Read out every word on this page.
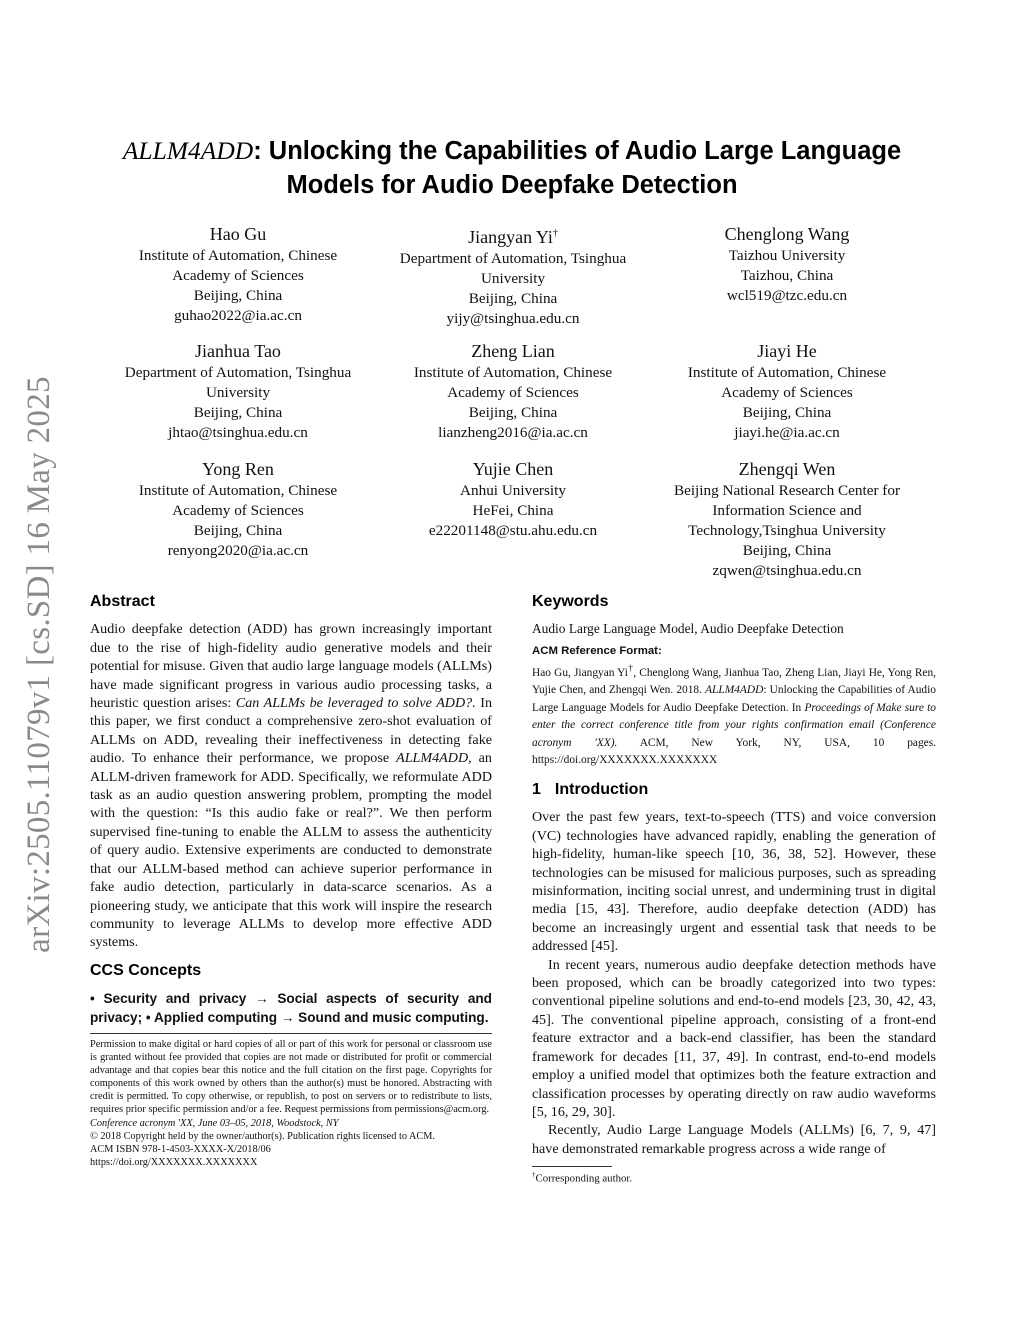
arXiv:2505.11079v1 [cs.SD] 16 May 2025
ALLM4ADD: Unlocking the Capabilities of Audio Large Language
Models for Audio Deepfake Detection
Hao Gu
Institute of Automation, Chinese
Academy of Sciences
Beijing, China
guhao2022@ia.ac.cn
Jiangyan Yi†
Department of Automation, Tsinghua
University
Beijing, China
yijy@tsinghua.edu.cn
Chenglong Wang
Taizhou University
Taizhou, China
wcl519@tzc.edu.cn
Jianhua Tao
Department of Automation, Tsinghua
University
Beijing, China
jhtao@tsinghua.edu.cn
Zheng Lian
Institute of Automation, Chinese
Academy of Sciences
Beijing, China
lianzheng2016@ia.ac.cn
Jiayi He
Institute of Automation, Chinese
Academy of Sciences
Beijing, China
jiayi.he@ia.ac.cn
Yong Ren
Institute of Automation, Chinese
Academy of Sciences
Beijing, China
renyong2020@ia.ac.cn
Yujie Chen
Anhui University
HeFei, China
e22201148@stu.ahu.edu.cn
Zhengqi Wen
Beijing National Research Center for
Information Science and
Technology,Tsinghua University
Beijing, China
zqwen@tsinghua.edu.cn
Abstract

Audio deepfake detection (ADD) has grown increasingly important due to the rise of high-fidelity audio generative models and their potential for misuse. Given that audio large language models (ALLMs) have made significant progress in various audio processing tasks, a heuristic question arises: Can ALLMs be leveraged to solve ADD?. In this paper, we first conduct a comprehensive zero-shot evaluation of ALLMs on ADD, revealing their ineffectiveness in detecting fake audio. To enhance their performance, we propose ALLM4ADD, an ALLM-driven framework for ADD. Specifically, we reformulate ADD task as an audio question answering problem, prompting the model with the question: “Is this audio fake or real?”. We then perform supervised fine-tuning to enable the ALLM to assess the authenticity of query audio. Extensive experiments are conducted to demonstrate that our ALLM-based method can achieve superior performance in fake audio detection, particularly in data-scarce scenarios. As a pioneering study, we anticipate that this work will inspire the research community to leverage ALLMs to develop more effective ADD systems.

CCS Concepts

• Security and privacy → Social aspects of security and privacy; • Applied computing → Sound and music computing.

Permission to make digital or hard copies of all or part of this work for personal or classroom use is granted without fee provided that copies are not made or distributed for profit or commercial advantage and that copies bear this notice and the full citation on the first page. Copyrights for components of this work owned by others than the author(s) must be honored. Abstracting with credit is permitted. To copy otherwise, or republish, to post on servers or to redistribute to lists, requires prior specific permission and/or a fee. Request permissions from permissions@acm.org.
Conference acronym 'XX, June 03–05, 2018, Woodstock, NY
© 2018 Copyright held by the owner/author(s). Publication rights licensed to ACM.
ACM ISBN 978-1-4503-XXXX-X/2018/06
https://doi.org/XXXXXXX.XXXXXXX
Keywords

Audio Large Language Model, Audio Deepfake Detection

ACM Reference Format:

Hao Gu, Jiangyan Yi†, Chenglong Wang, Jianhua Tao, Zheng Lian, Jiayi He, Yong Ren, Yujie Chen, and Zhengqi Wen. 2018. ALLM4ADD: Unlocking the Capabilities of Audio Large Language Models for Audio Deepfake Detection. In Proceedings of Make sure to enter the correct conference title from your rights confirmation email (Conference acronym 'XX). ACM, New York, NY, USA, 10 pages. https://doi.org/XXXXXXX.XXXXXXX

1 Introduction

Over the past few years, text-to-speech (TTS) and voice conversion (VC) technologies have advanced rapidly, enabling the generation of high-fidelity, human-like speech [10, 36, 38, 52]. However, these technologies can be misused for malicious purposes, such as spreading misinformation, inciting social unrest, and undermining trust in digital media [15, 43]. Therefore, audio deepfake detection (ADD) has become an increasingly urgent and essential task that needs to be addressed [45].

In recent years, numerous audio deepfake detection methods have been proposed, which can be broadly categorized into two types: conventional pipeline solutions and end-to-end models [23, 30, 42, 43, 45]. The conventional pipeline approach, consisting of a front-end feature extractor and a back-end classifier, has been the standard framework for decades [11, 37, 49]. In contrast, end-to-end models employ a unified model that optimizes both the feature extraction and classification processes by operating directly on raw audio waveforms [5, 16, 29, 30].

Recently, Audio Large Language Models (ALLMs) [6, 7, 9, 47] have demonstrated remarkable progress across a wide range of

†Corresponding author.
